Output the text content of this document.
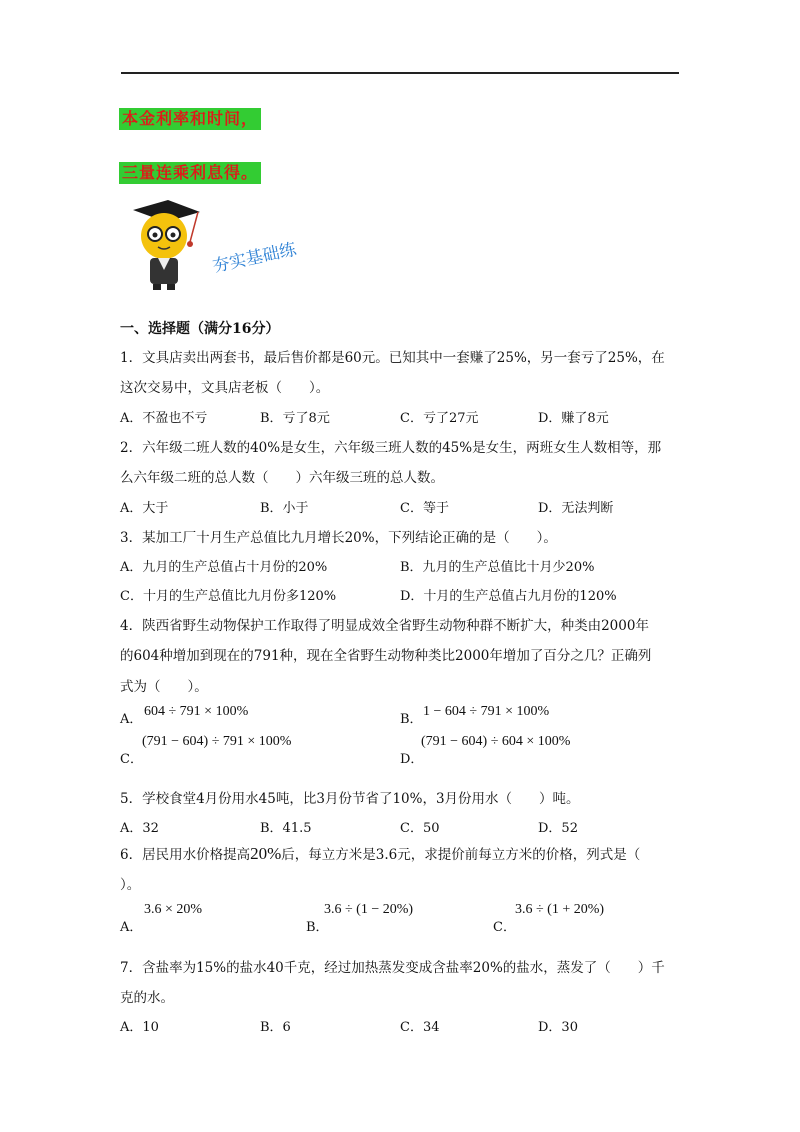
本金利率和时间，
三量连乘利息得。
夯实基础练
一、选择题（满分16分）
1．文具店卖出两套书，最后售价都是60元。已知其中一套赚了25%，另一套亏了25%，在
这次交易中，文具店老板（　　）。
A．不盈也不亏	B．亏了8元	C．亏了27元	D．赚了8元
2．六年级二班人数的40%是女生，六年级三班人数的45%是女生，两班女生人数相等，那
么六年级二班的总人数（　　）六年级三班的总人数。
A．大于	B．小于	C．等于	D．无法判断
3．某加工厂十月生产总值比九月增长20%，下列结论正确的是（　　）。
A．九月的生产总值占十月份的20%	B．九月的生产总值比十月少20%
C．十月的生产总值比九月份多120%	D．十月的生产总值占九月份的120%
4．陕西省野生动物保护工作取得了明显成效全省野生动物种群不断扩大，种类由2000年
的604种增加到现在的791种，现在全省野生动物种类比2000年增加了百分之几？正确列
式为（　　）。
A．
604 ÷ 791 × 100%
B．
1 − 604 ÷ 791 × 100%
C．
(791 − 604) ÷ 791 × 100%
D．
(791 − 604) ÷ 604 × 100%
5．学校食堂4月份用水45吨，比3月份节省了10%，3月份用水（　　）吨。
A．32	B．41.5	C．50	D．52
6．居民用水价格提高20%后，每立方米是3.6元，求提价前每立方米的价格，列式是（
）。
A．
3.6 × 20%
B．
3.6 ÷ (1 − 20%)
C．
3.6 ÷ (1 + 20%)
7．含盐率为15%的盐水40千克，经过加热蒸发变成含盐率20%的盐水，蒸发了（　　）千
克的水。
A．10	B．6	C．34	D．30
